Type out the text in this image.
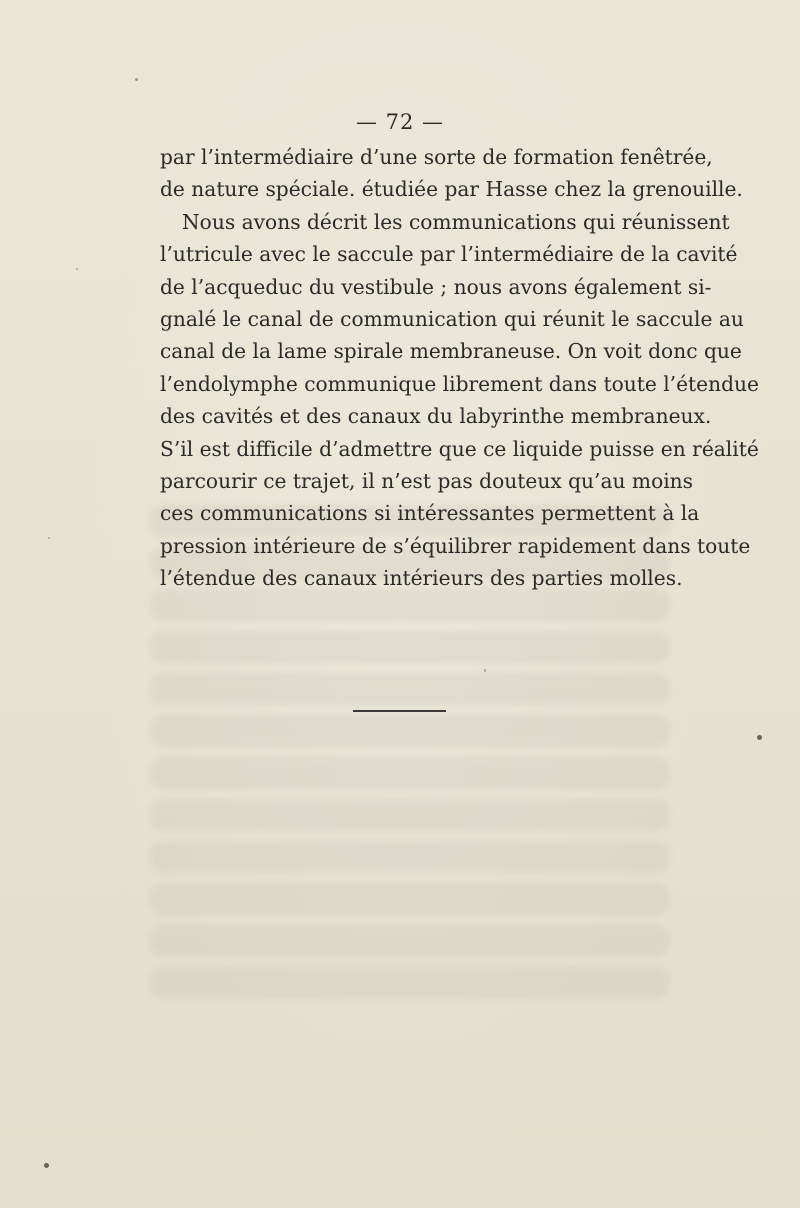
— 72 —
par l’intermédiaire d’une sorte de formation fenêtrée,
de nature spéciale. étudiée par Hasse chez la grenouille.
Nous avons décrit les communications qui réunissent
l’utricule avec le saccule par l’intermédiaire de la cavité
de l’acqueduc du vestibule ; nous avons également si-
gnalé le canal de communication qui réunit le saccule au
canal de la lame spirale membraneuse. On voit donc que
l’endolymphe communique librement dans toute l’étendue
des cavités et des canaux du labyrinthe membraneux.
S’il est difficile d’admettre que ce liquide puisse en réalité
parcourir ce trajet, il n’est pas douteux qu’au moins
ces communications si intéressantes permettent à la
pression intérieure de s’équilibrer rapidement dans toute
l’étendue des canaux intérieurs des parties molles.
